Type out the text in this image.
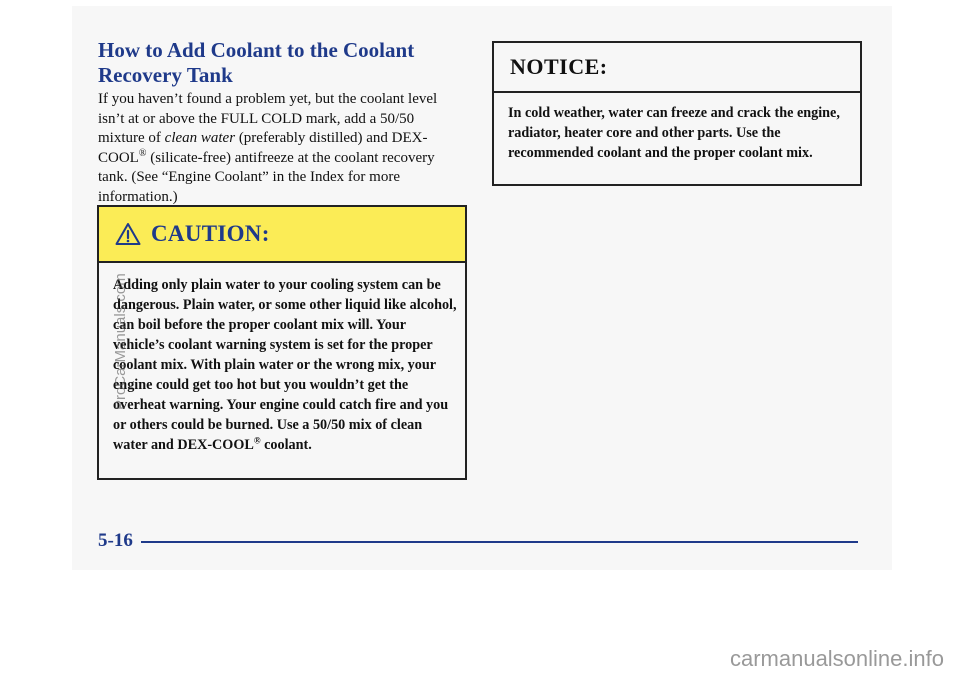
How to Add Coolant to the Coolant
Recovery Tank

If you haven’t found a problem yet, but the coolant level isn’t at or above the FULL COLD mark, add a 50/50 mixture of clean water (preferably distilled) and DEX-COOL® (silicate-free) antifreeze at the coolant recovery tank. (See “Engine Coolant” in the Index for more information.)

NOTICE:
In cold weather, water can freeze and crack the engine, radiator, heater core and other parts. Use the recommended coolant and the proper coolant mix.
CAUTION:
Adding only plain water to your cooling system can be dangerous. Plain water, or some other liquid like alcohol, can boil before the proper coolant mix will. Your vehicle’s coolant warning system is set for the proper coolant mix. With plain water or the wrong mix, your engine could get too hot but you wouldn’t get the overheat warning. Your engine could catch fire and you or others could be burned. Use a 50/50 mix of clean water and DEX-COOL® coolant.
ProCarManuals.com
5-16
carmanualsonline.info
